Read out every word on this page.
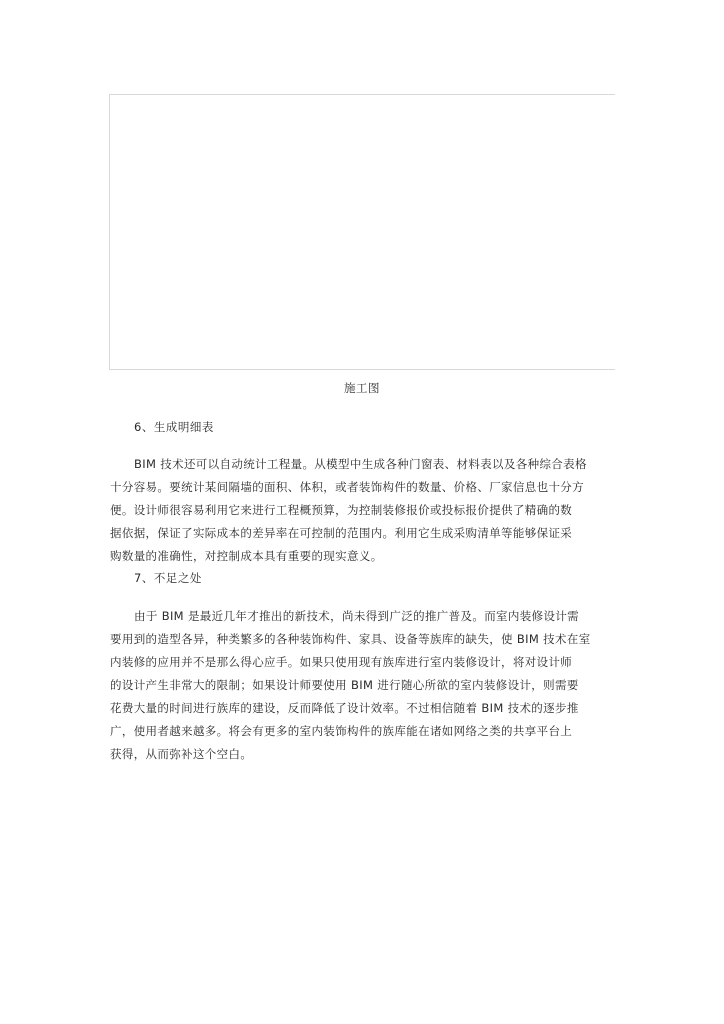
施工图
6、生成明细表
BIM 技术还可以自动统计工程量。从模型中生成各种门窗表、材料表以及各种综合表格
十分容易。要统计某间隔墙的面积、体积，或者装饰构件的数量、价格、厂家信息也十分方
便。设计师很容易利用它来进行工程概预算，为控制装修报价或投标报价提供了精确的数
据依据，保证了实际成本的差异率在可控制的范围内。利用它生成采购清单等能够保证采
购数量的准确性，对控制成本具有重要的现实意义。
7、不足之处
由于 BIM 是最近几年才推出的新技术，尚未得到广泛的推广普及。而室内装修设计需
要用到的造型各异，种类繁多的各种装饰构件、家具、设备等族库的缺失，使 BIM 技术在室
内装修的应用并不是那么得心应手。如果只使用现有族库进行室内装修设计，将对设计师
的设计产生非常大的限制；如果设计师要使用 BIM 进行随心所欲的室内装修设计，则需要
花费大量的时间进行族库的建设，反而降低了设计效率。不过相信随着 BIM 技术的逐步推
广，使用者越来越多。将会有更多的室内装饰构件的族库能在诸如网络之类的共享平台上
获得，从而弥补这个空白。
